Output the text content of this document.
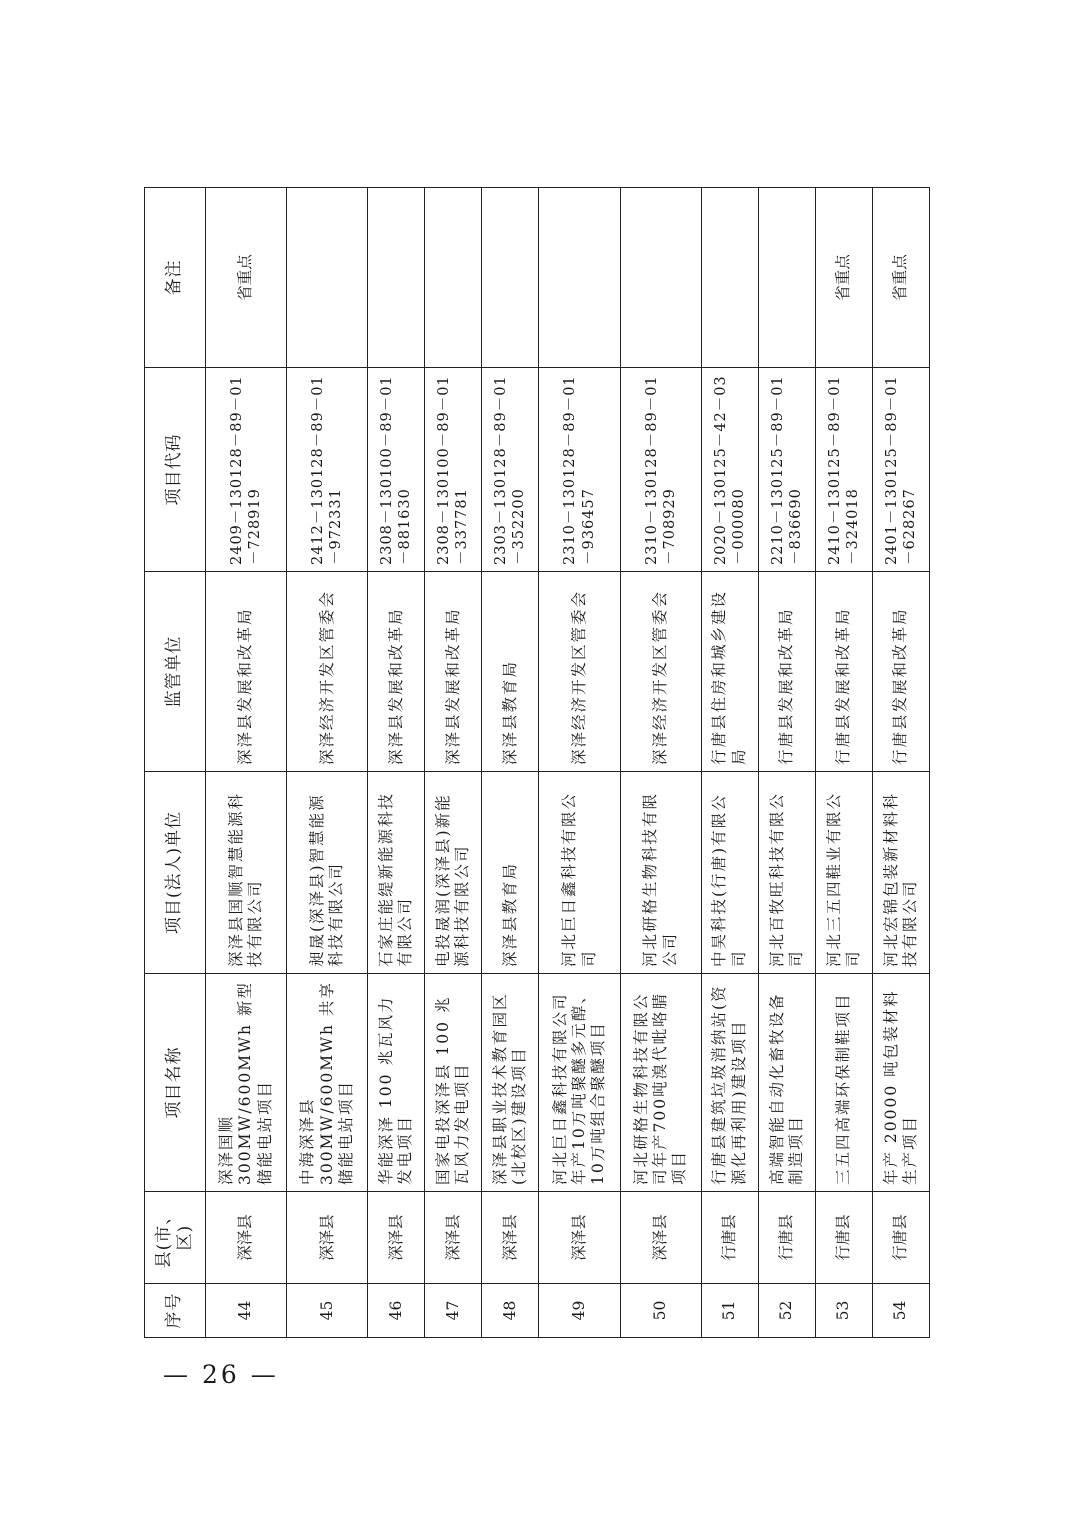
序号	县(市、区)	项目名称	项目(法人)单位	监管单位	项目代码	备注
44	深泽县	深泽国顺 300MW/600MWh 新型储能电站项目	深泽县国顺智慧能源科技有限公司	深泽县发展和改革局	2409－130128－89－01－728919	省重点
45	深泽县	中海深泽县 300MW/600MWh 共享储能电站项目	昶晟(深泽县)智慧能源科技有限公司	深泽经济开发区管委会	2412－130128－89－01－972331	
46	深泽县	华能深泽 100 兆瓦风力发电项目	石家庄能缇新能源科技有限公司	深泽县发展和改革局	2308－130100－89－01－881630	
47	深泽县	国家电投深泽县 100 兆瓦风力发电项目	电投晟润(深泽县)新能源科技有限公司	深泽县发展和改革局	2308－130100－89－01－337781	
48	深泽县	深泽县职业技术教育园区(北校区)建设项目	深泽县教育局	深泽县教育局	2303－130128－89－01－352200	
49	深泽县	河北巨日鑫科技有限公司年产10万吨聚醚多元醇、10万吨组合聚醚项目	河北巨日鑫科技有限公司	深泽经济开发区管委会	2310－130128－89－01－936457	
50	深泽县	河北研格生物科技有限公司年产700吨溴代吡咯腈项目	河北研格生物科技有限公司	深泽经济开发区管委会	2310－130128－89－01－708929	
51	行唐县	行唐县建筑垃圾消纳站(资源化再利用)建设项目	中昊科技(行唐)有限公司	行唐县住房和城乡建设局	2020－130125－42－03－000080	
52	行唐县	高端智能自动化畜牧设备制造项目	河北百牧旺科技有限公司	行唐县发展和改革局	2210－130125－89－01－836690	
53	行唐县	三五四高端环保制鞋项目	河北三五四鞋业有限公司	行唐县发展和改革局	2410－130125－89－01－324018	省重点
54	行唐县	年产 20000 吨包装材料生产项目	河北宏锦包装新材料科技有限公司	行唐县发展和改革局	2401－130125－89－01－628267	省重点
— 26 —
